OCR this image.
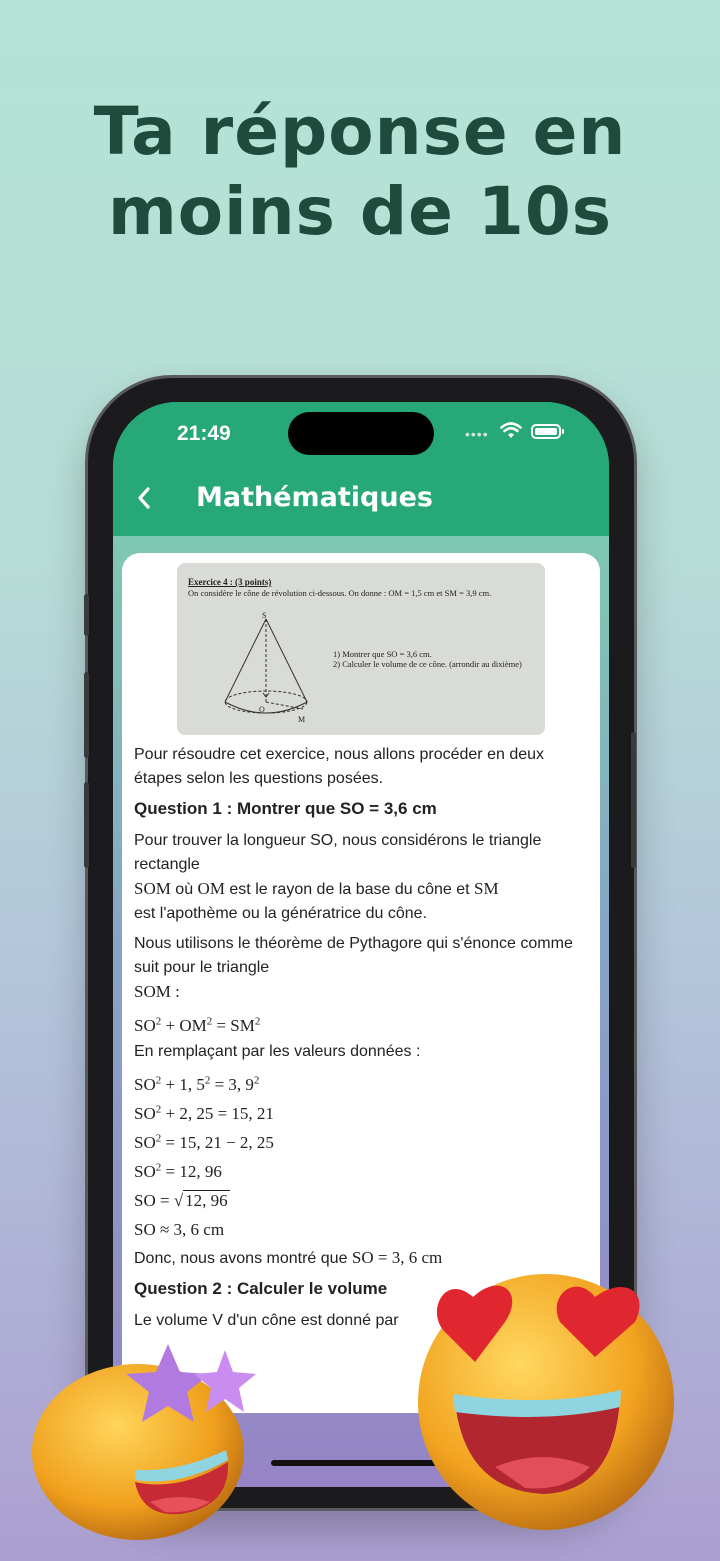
Ta réponse en
moins de 10s
21:49	••••
Mathématiques
Exercice 4 : (3 points)
On considère le cône de révolution ci-dessous. On donne : OM = 1,5 cm et SM = 3,9 cm.
S
O
M
1) Montrer que SO = 3,6 cm.
2) Calculer le volume de ce cône. (arrondir au dixième)
Pour résoudre cet exercice, nous allons procéder en deux étapes selon les questions posées.
Question 1 : Montrer que SO = 3,6 cm
Pour trouver la longueur SO, nous considérons le triangle rectangle
SOM où OM est le rayon de la base du cône et SM
est l'apothème ou la génératrice du cône.
Nous utilisons le théorème de Pythagore qui s'énonce comme suit pour le triangle
SOM :
$SO^2 + OM^2 = SM^2$
En remplaçant par les valeurs données :
$SO^2 + 1$, $5^2 = 3$, $9^2$
$SO^2 + 2$, 25 = 15, 21
$SO^2 = 15$, 21 − 2, 25
$SO^2 = 12$, 96
SO = √ 12, 96
SO ≈ 3, 6 cm
Donc, nous avons montré que SO = 3, 6 cm
Question 2 : Calculer le volume
Le volume V d'un cône est donné par
